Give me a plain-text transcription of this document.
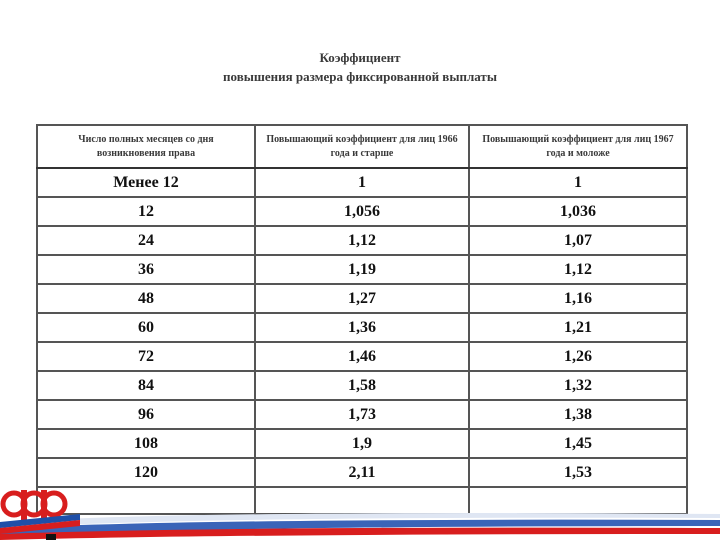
Коэффициент
повышения размера фиксированной выплаты
Число полных месяцев со дня возникновения права	Повышающий коэффициент для лиц 1966 года и старше	Повышающий коэффициент для лиц 1967 года и моложе
Менее 12	1	1
12	1,056	1,036
24	1,12	1,07
36	1,19	1,12
48	1,27	1,16
60	1,36	1,21
72	1,46	1,26
84	1,58	1,32
96	1,73	1,38
108	1,9	1,45
120	2,11	1,53
